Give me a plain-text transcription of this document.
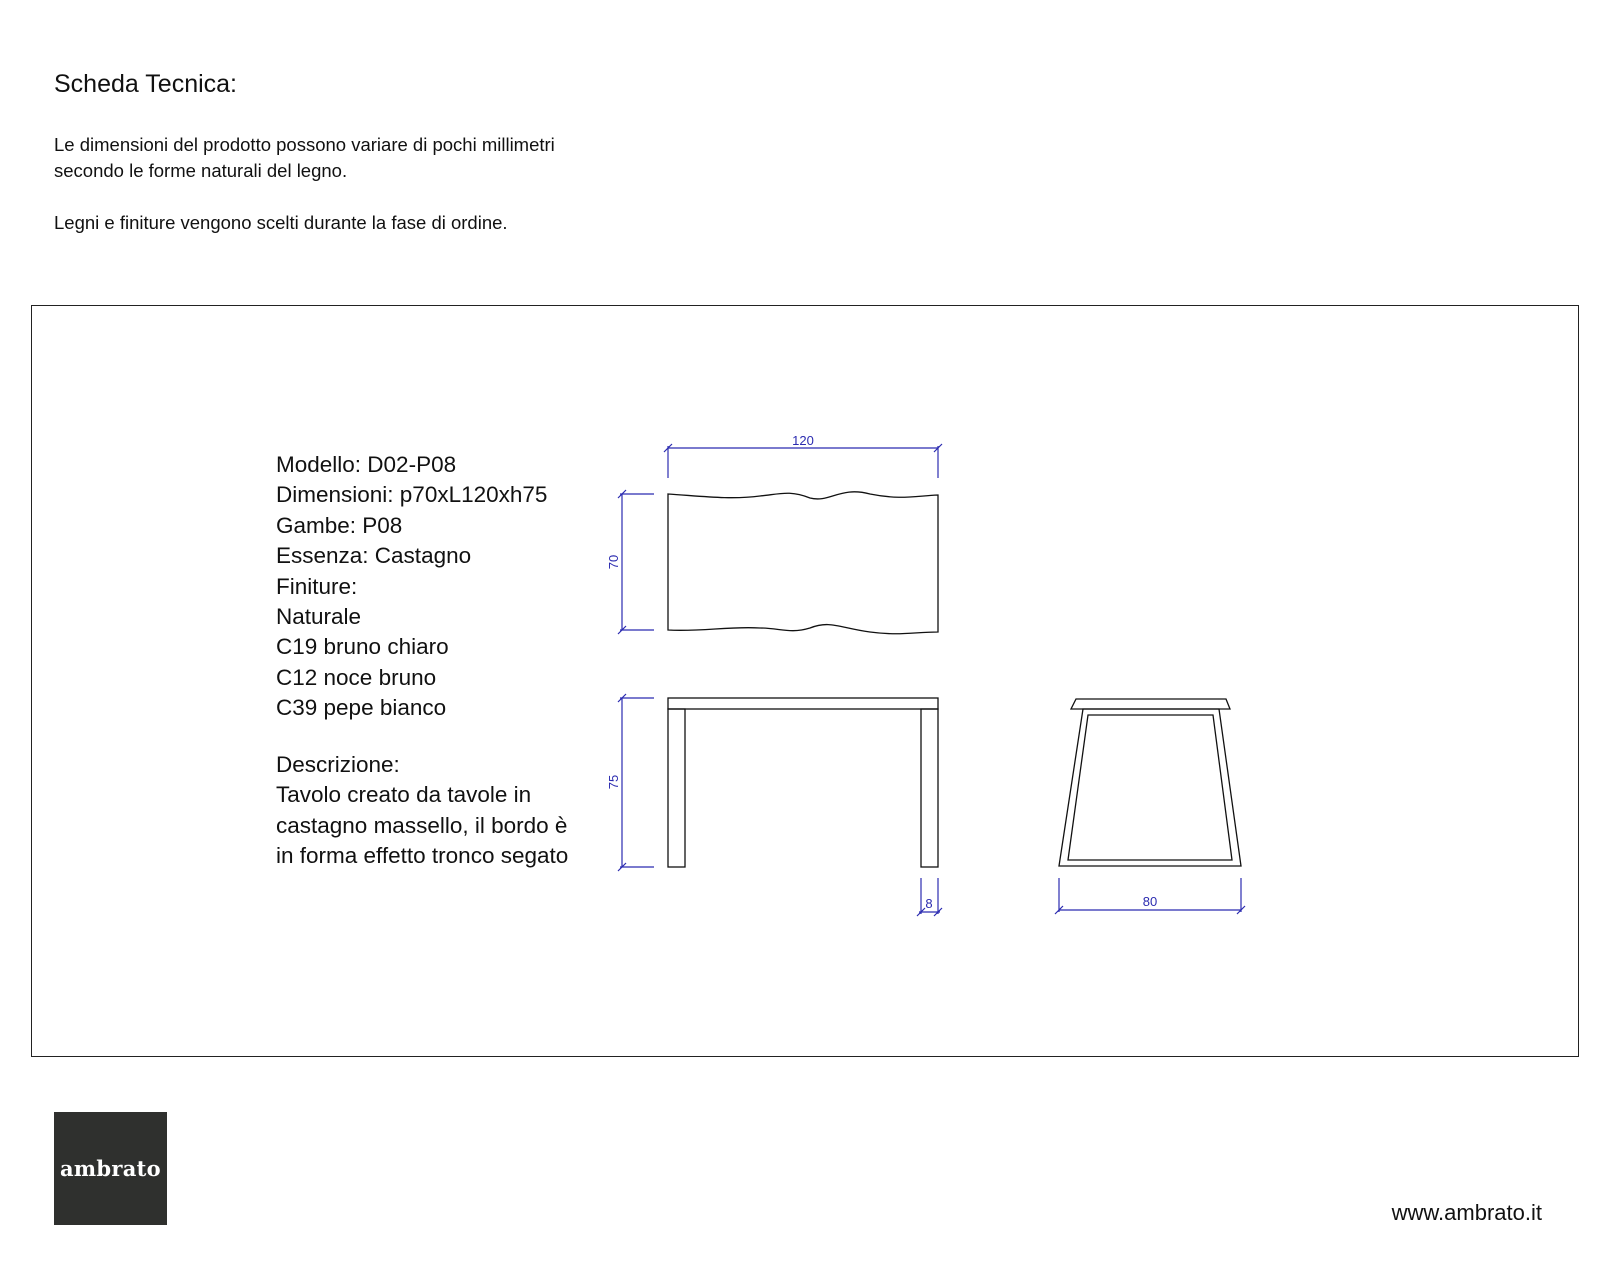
Scheda Tecnica:

Le dimensioni del prodotto possono variare di pochi millimetri

secondo le forme naturali del legno.

Legni e finiture vengono scelti durante la fase di ordine.

Modello: D02-P08
Dimensioni: p70xL120xh75
Gambe: P08
Essenza: Castagno
Finiture:
Naturale
C19 bruno chiaro
C12 noce bruno
C39 pepe bianco
Descrizione:
Tavolo creato da tavole in
castagno massello, il bordo è
in forma effetto tronco segato
120
70
75
8	80
ambrato
www.ambrato.it
